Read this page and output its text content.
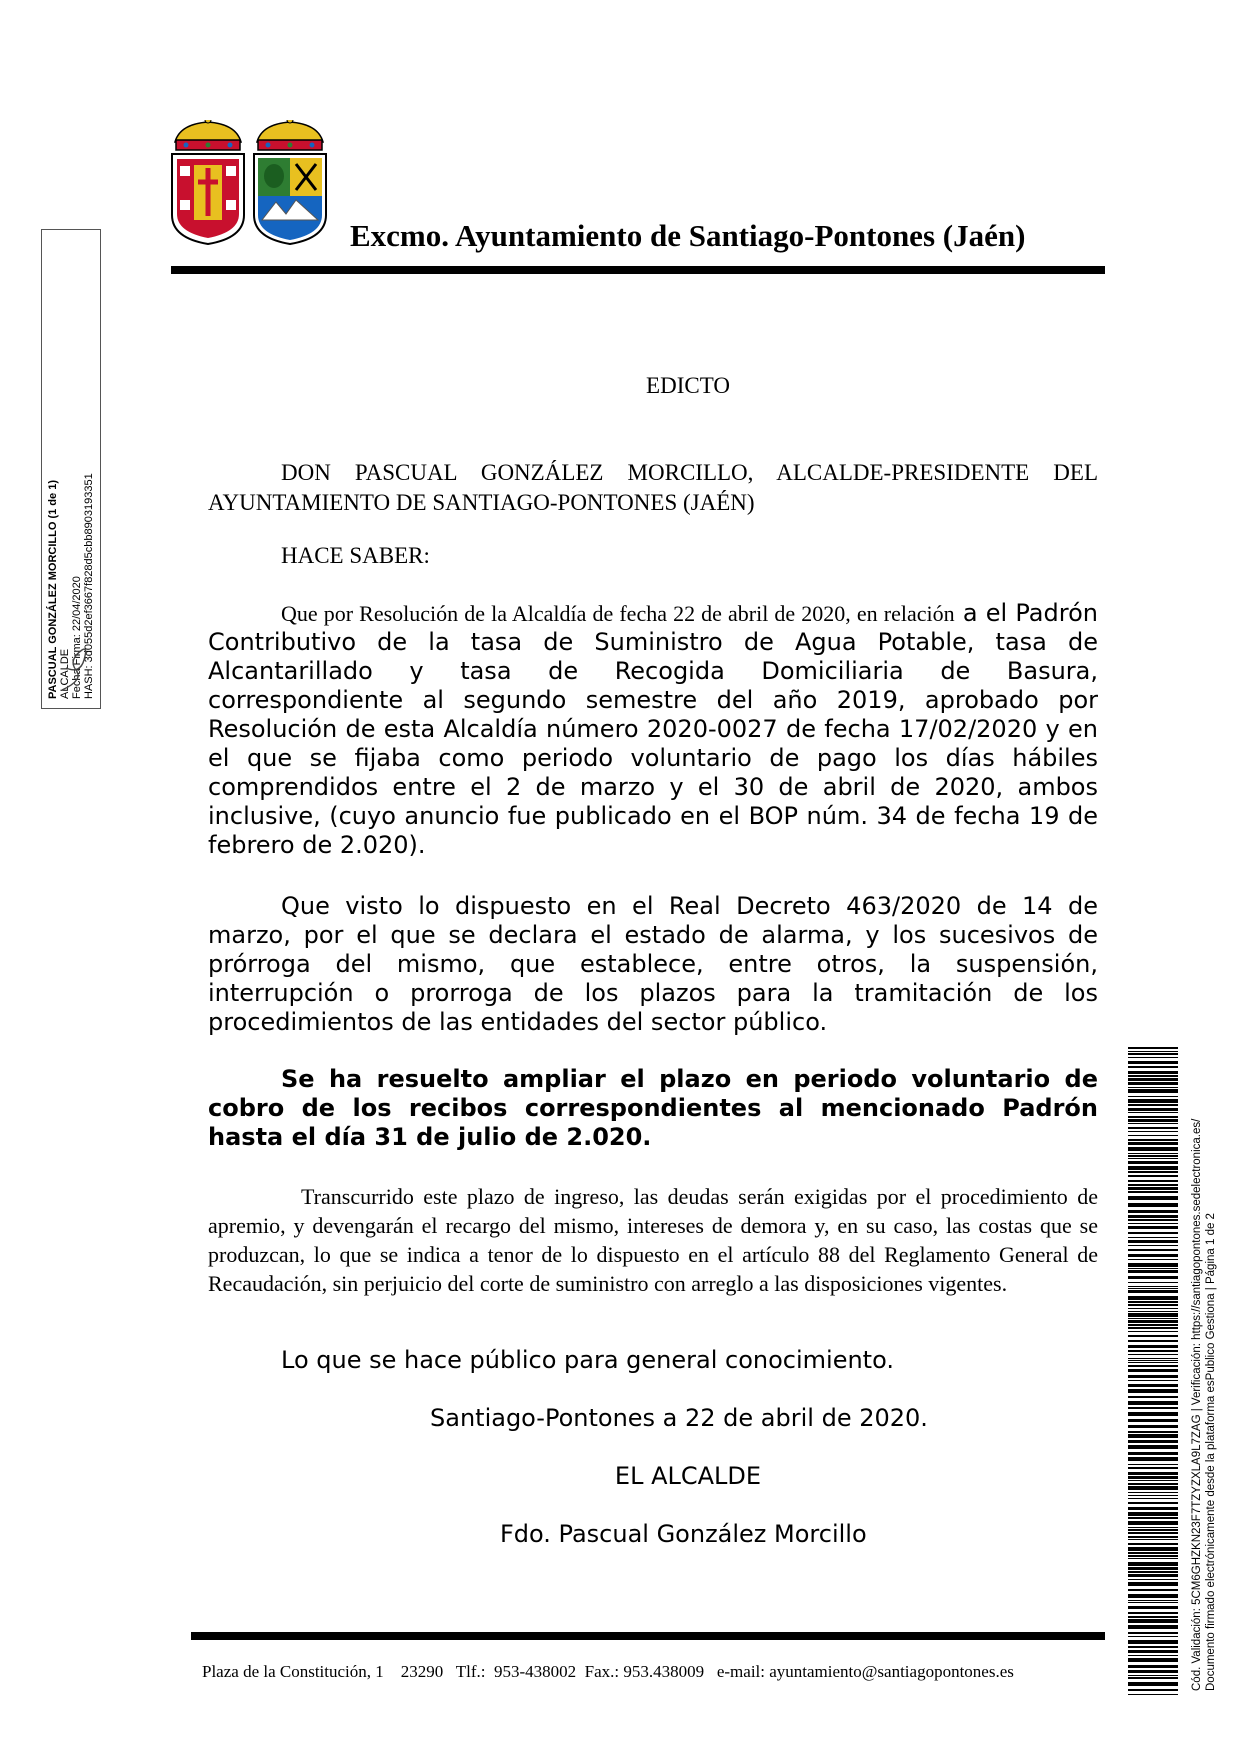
Excmo. Ayuntamiento de Santiago-Pontones (Jaén)
EDICTO
DON PASCUAL GONZÁLEZ MORCILLO, ALCALDE-PRESIDENTE DEL AYUNTAMIENTO DE SANTIAGO-PONTONES (JAÉN)
HACE SABER:
Que por Resolución de la Alcaldía de fecha 22 de abril de 2020, en relación a el Padrón Contributivo de la tasa de Suministro de Agua Potable, tasa de Alcantarillado y tasa de Recogida Domiciliaria de Basura, correspondiente al segundo semestre del año 2019, aprobado por Resolución de esta Alcaldía número 2020-0027 de fecha 17/02/2020 y en el que se fijaba como periodo voluntario de pago los días hábiles comprendidos entre el 2 de marzo y el 30 de abril de 2020, ambos inclusive, (cuyo anuncio fue publicado en el BOP núm. 34 de fecha 19 de febrero de 2.020).
Que visto lo dispuesto en el Real Decreto 463/2020 de 14 de marzo, por el que se declara el estado de alarma, y los sucesivos de prórroga del mismo, que establece, entre otros, la suspensión, interrupción o prorroga de los plazos para la tramitación de los procedimientos de las entidades del sector público.
Se ha resuelto ampliar el plazo en periodo voluntario de cobro de los recibos correspondientes al mencionado Padrón hasta el día 31 de julio de 2.020.
Transcurrido este plazo de ingreso, las deudas serán exigidas por el procedimiento de apremio, y devengarán el recargo del mismo, intereses de demora y, en su caso, las costas que se produzcan, lo que se indica a tenor de lo dispuesto en el artículo 88 del Reglamento General de Recaudación, sin perjuicio del corte de suministro con arreglo a las disposiciones vigentes.
Lo que se hace público para general conocimiento.
Santiago-Pontones a 22 de abril de 2020.
EL ALCALDE
Fdo. Pascual González Morcillo
Plaza de la Constitución, 1    23290   Tlf.:  953-438002  Fax.: 953.438009   e-mail: ayuntamiento@santiagopontones.es
PASCUAL GONZÁLEZ MORCILLO (1 de 1) ALCALDE Fecha Firma: 22/04/2020 HASH: 3d055d2ef3667f828d5cbb8903193351
Cód. Validación: 5CM6GHZKN23F7TZYZXLA9L7ZAG | Verificación: https://santiagopontones.sedelectronica.es/ Documento firmado electrónicamente desde la plataforma esPublico Gestiona | Página 1 de 2
